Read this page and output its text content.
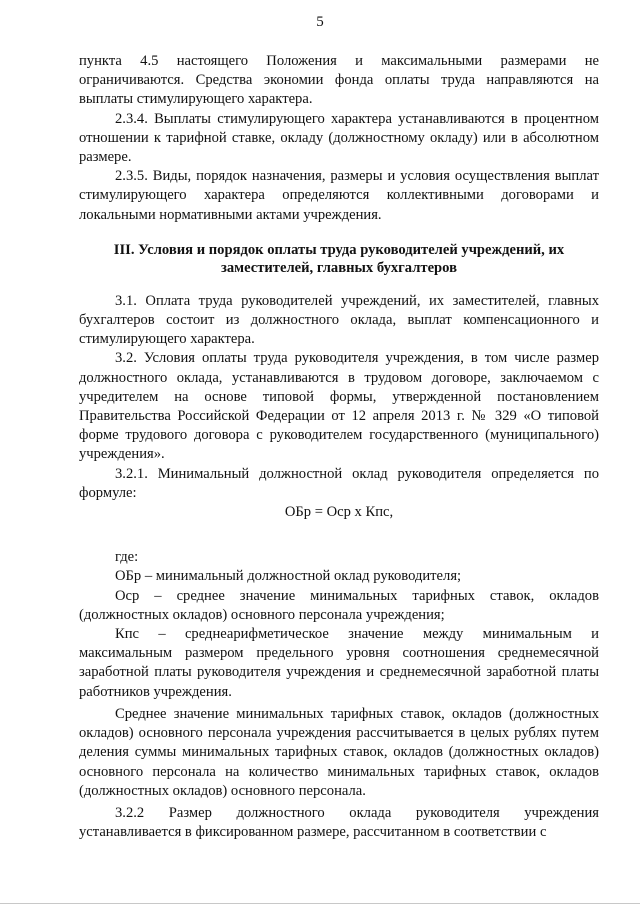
5

пункта 4.5 настоящего Положения и максимальными размерами не ограничиваются. Средства экономии фонда оплаты труда направляются на выплаты стимулирующего характера.

2.3.4. Выплаты стимулирующего характера устанавливаются в процентном отношении к тарифной ставке, окладу (должностному окладу) или в абсолютном размере.

2.3.5. Виды, порядок назначения, размеры и условия осуществления выплат стимулирующего характера определяются коллективными договорами и локальными нормативными актами учреждения.

III. Условия и порядок оплаты труда руководителей учреждений, их заместителей, главных бухгалтеров

3.1. Оплата труда руководителей учреждений, их заместителей, главных бухгалтеров состоит из должностного оклада, выплат компенсационного и стимулирующего характера.

3.2. Условия оплаты труда руководителя учреждения, в том числе размер должностного оклада, устанавливаются в трудовом договоре, заключаемом с учредителем на основе типовой формы, утвержденной постановлением Правительства Российской Федерации от 12 апреля 2013 г. № 329 «О типовой форме трудового договора с руководителем государственного (муниципального) учреждения».

3.2.1. Минимальный должностной оклад руководителя определяется по формуле:

ОБр = Оср х Кпс,

где:

ОБр – минимальный должностной оклад руководителя;

Оср – среднее значение минимальных тарифных ставок, окладов (должностных окладов) основного персонала учреждения;

Кпс – среднеарифметическое значение между минимальным и максимальным размером предельного уровня соотношения среднемесячной заработной платы руководителя учреждения и среднемесячной заработной платы работников учреждения.

Среднее значение минимальных тарифных ставок, окладов (должностных окладов) основного персонала учреждения рассчитывается в целых рублях путем деления суммы минимальных тарифных ставок, окладов (должностных окладов) основного персонала на количество минимальных тарифных ставок, окладов (должностных окладов) основного персонала.

3.2.2 Размер должностного оклада руководителя учреждения устанавливается в фиксированном размере, рассчитанном в соответствии с
